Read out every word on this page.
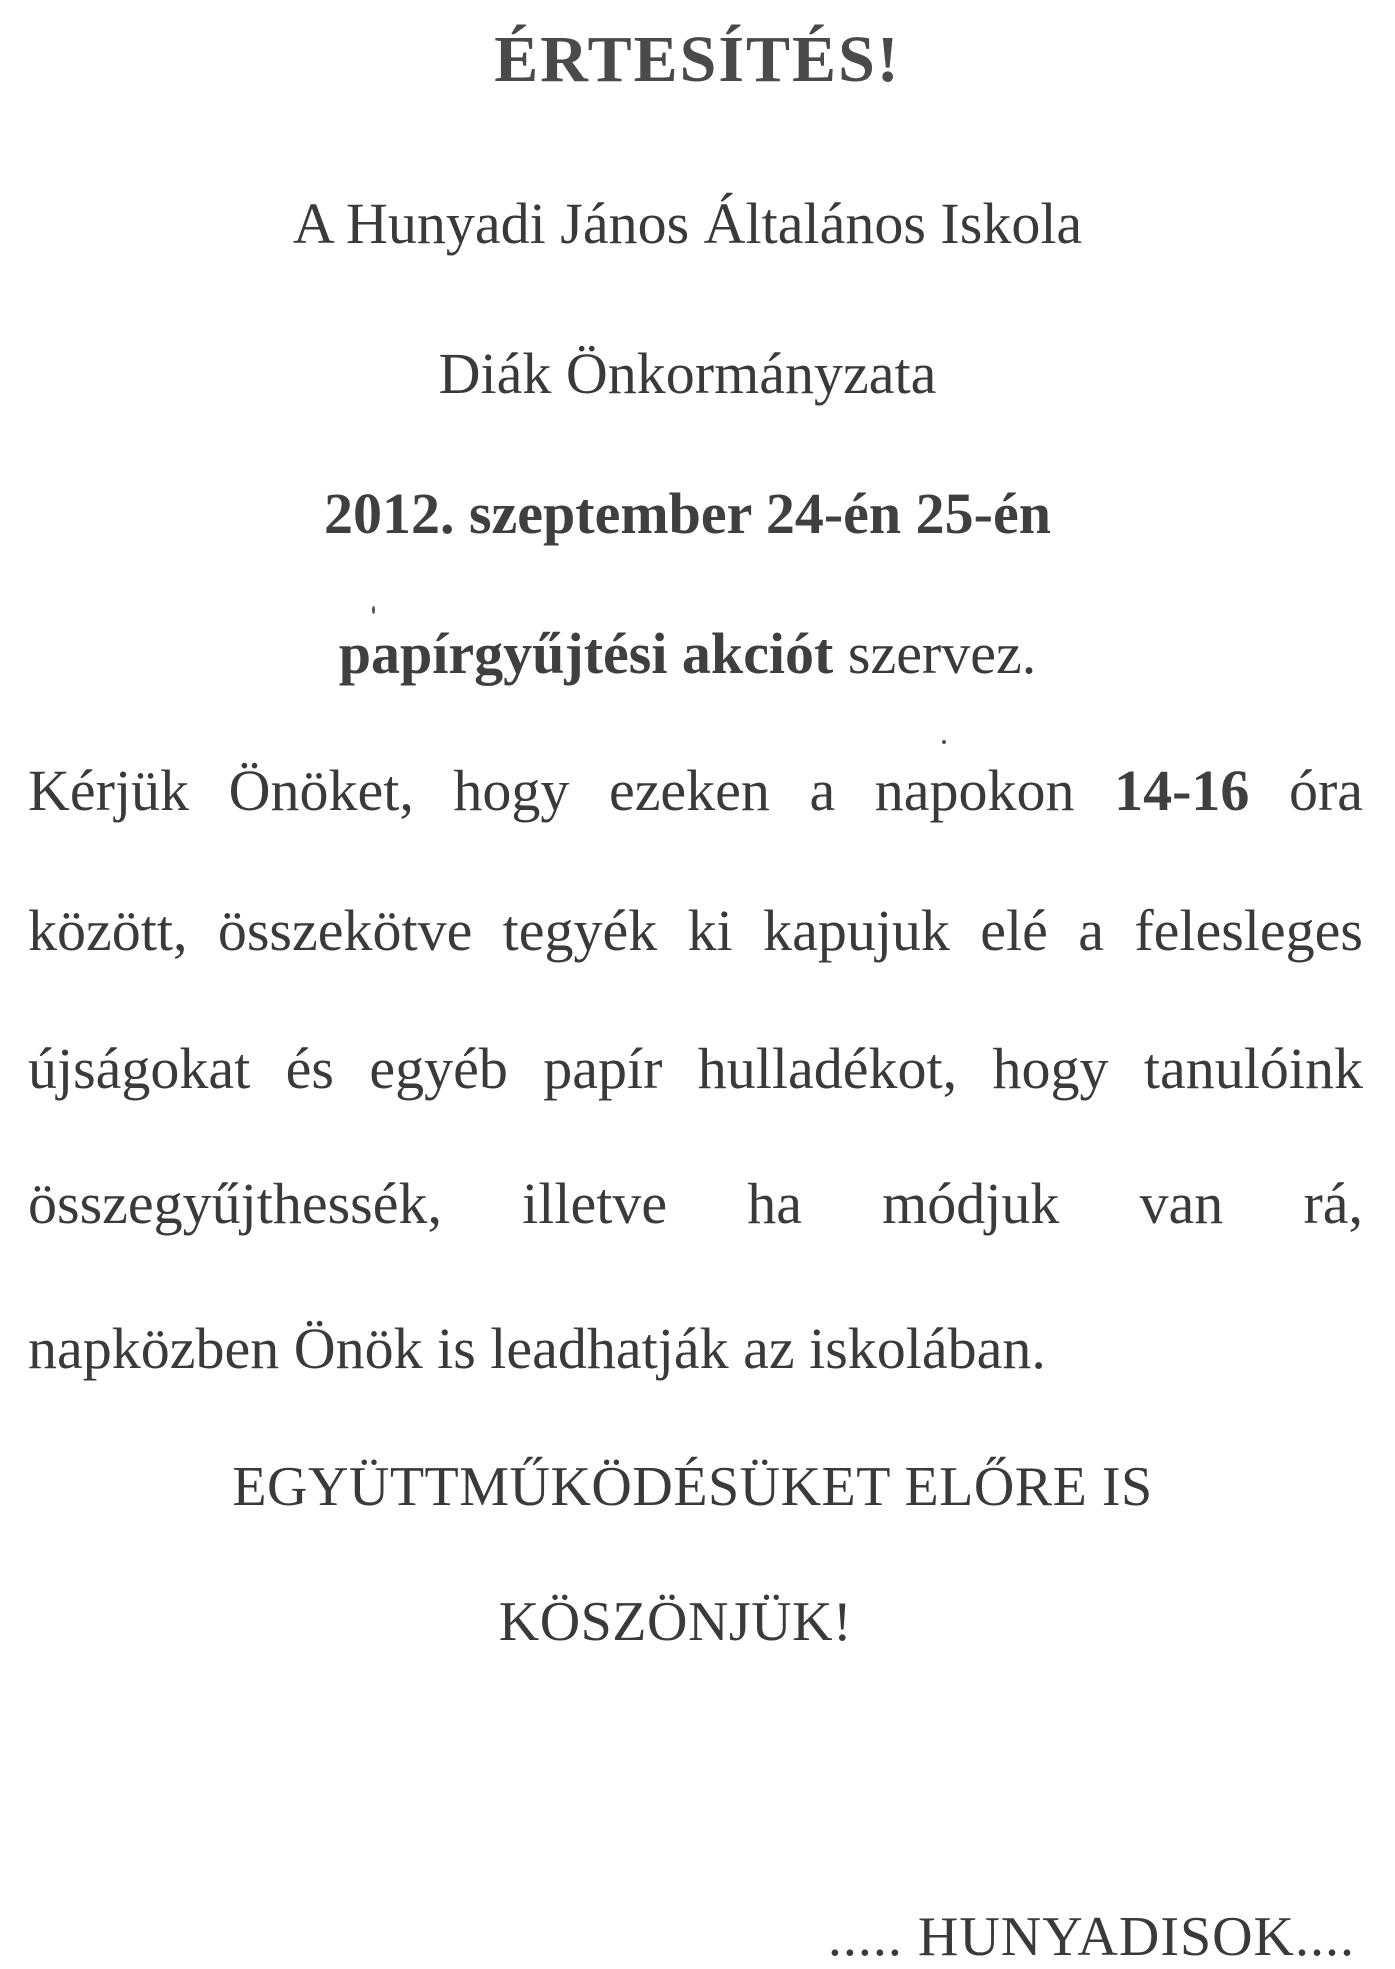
ÉRTESÍTÉS!
A Hunyadi János Általános Iskola
Diák Önkormányzata
2012. szeptember 24-én 25-én
papírgyűjtési akciót szervez.
Kérjük Önöket, hogy ezeken a napokon 14-16 óra
között, összekötve tegyék ki kapujuk elé a felesleges
újságokat és egyéb papír hulladékot, hogy tanulóink
összegyűjthessék, illetve ha módjuk van rá,
napközben Önök is leadhatják az iskolában.
EGYÜTTMŰKÖDÉSÜKET ELŐRE IS
KÖSZÖNJÜK!
..... HUNYADISOK....
